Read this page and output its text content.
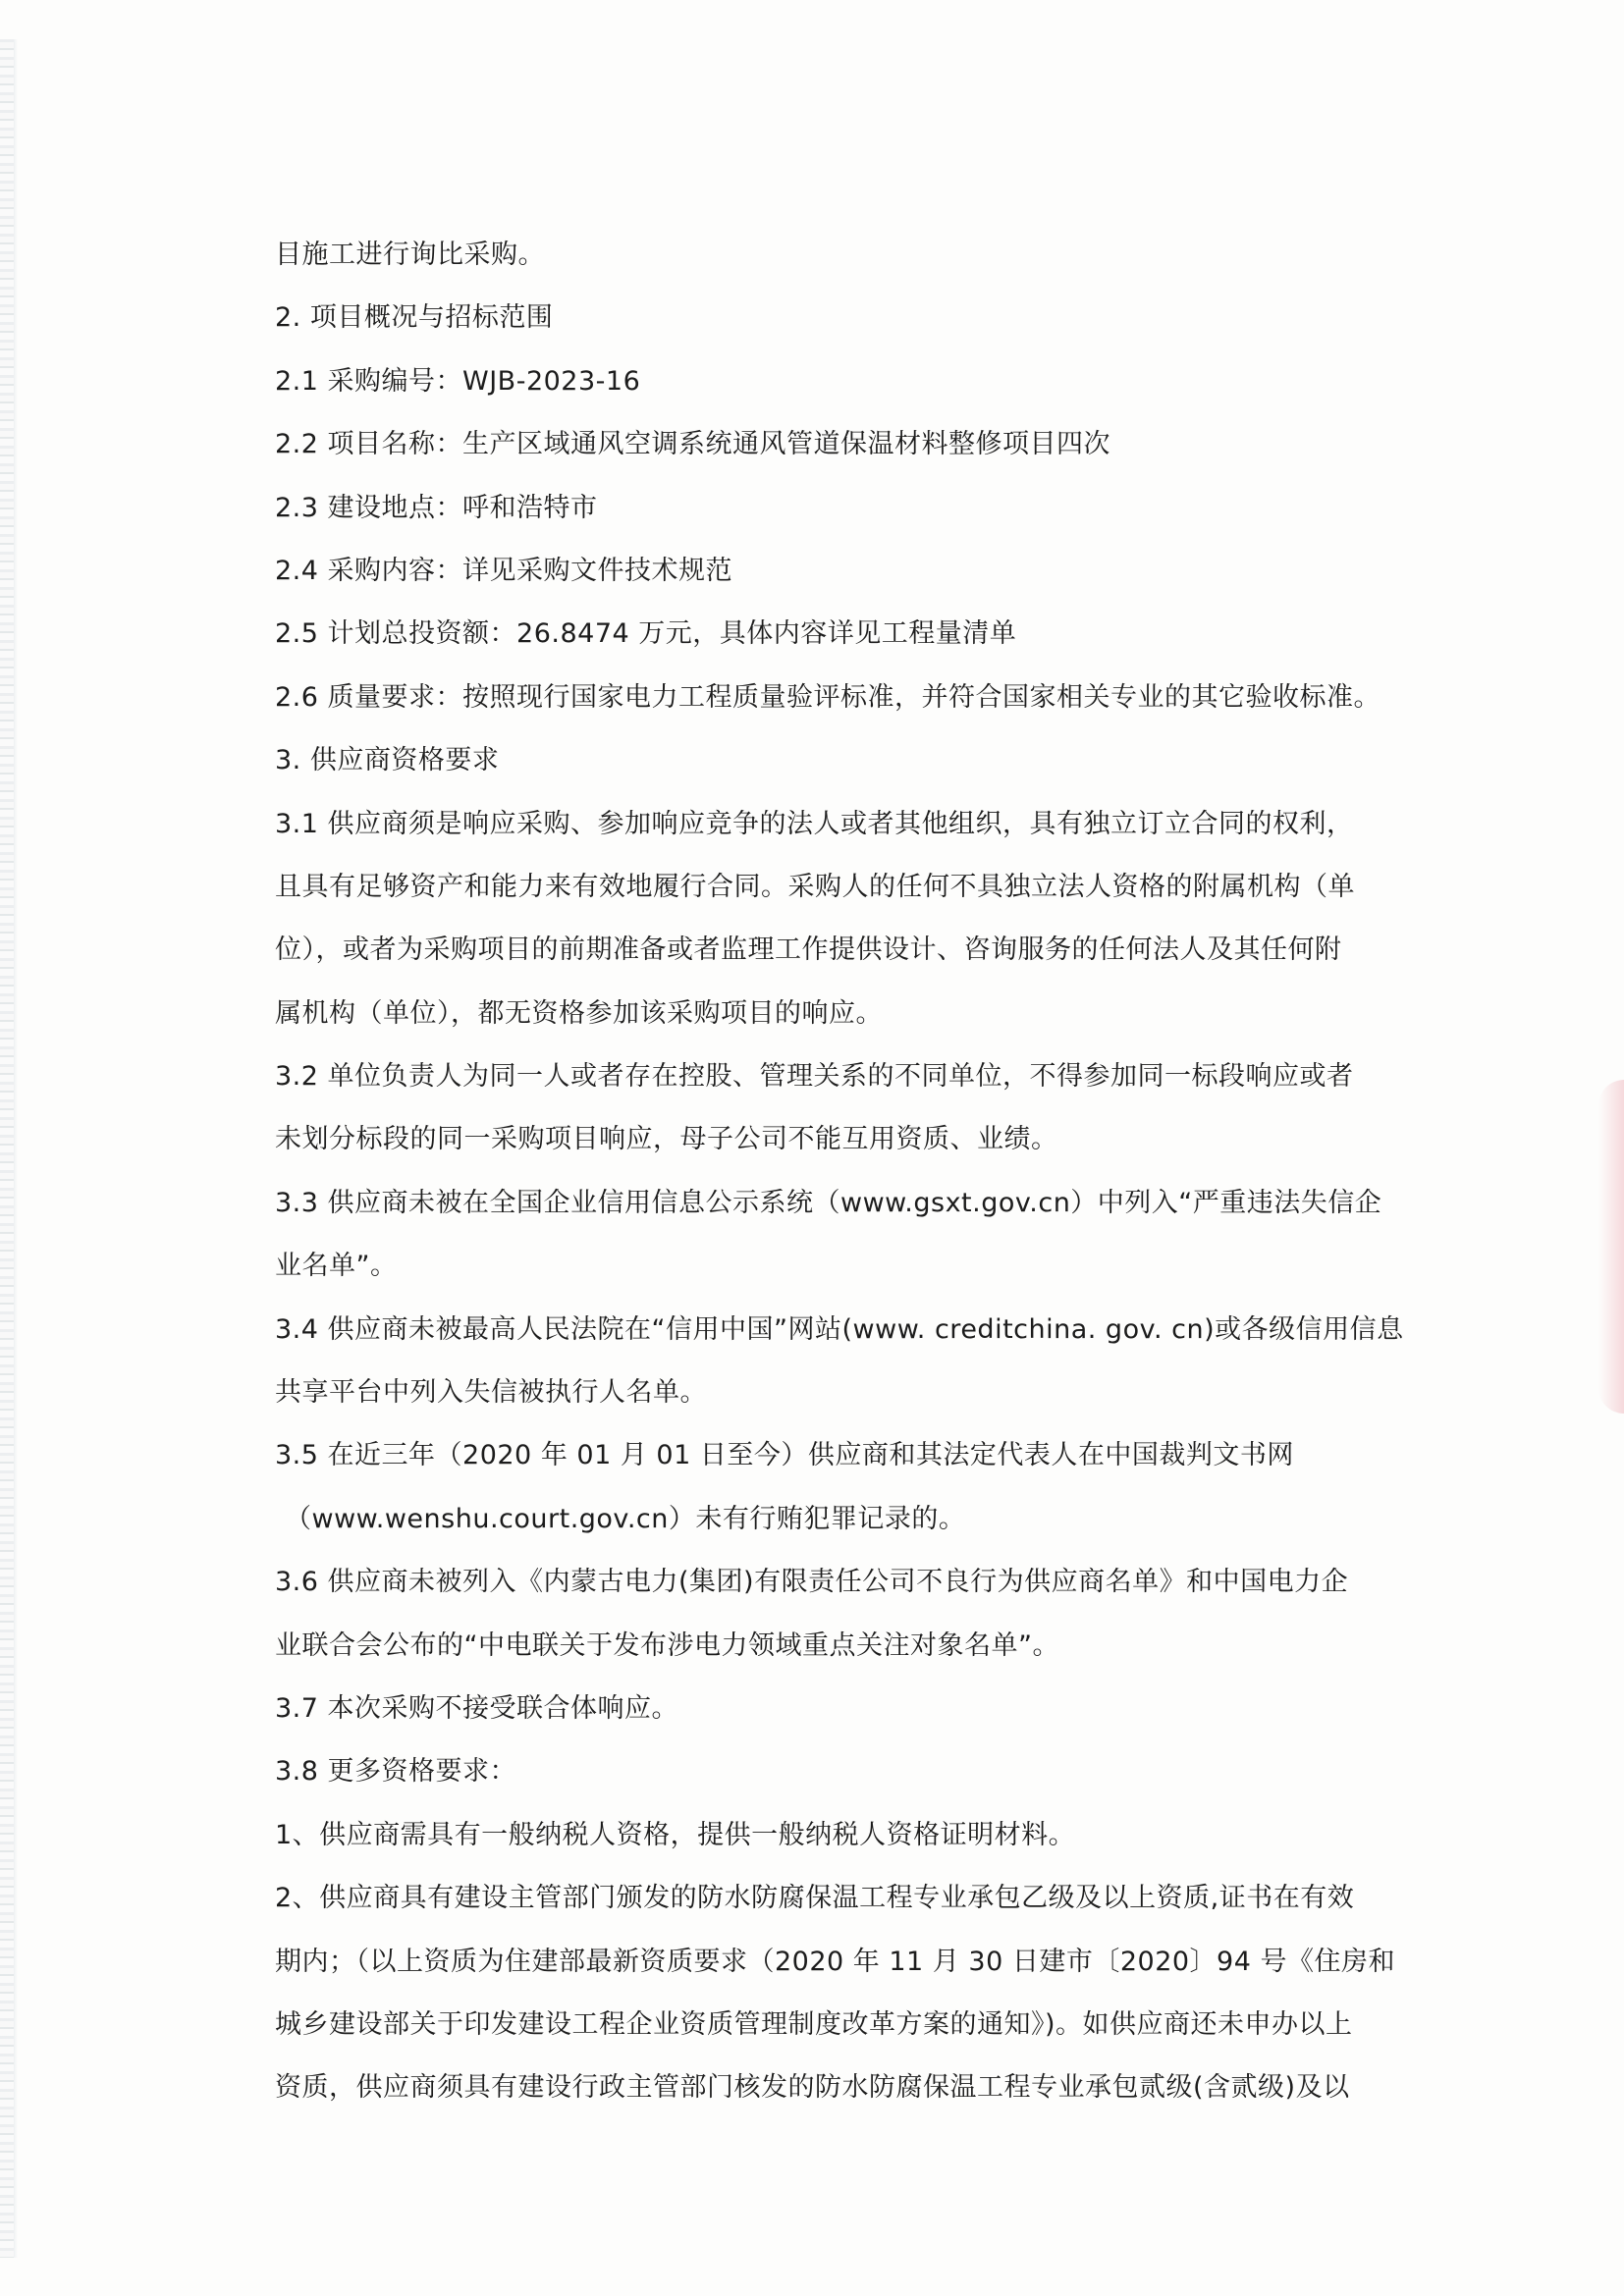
目施工进行询比采购。
2. 项目概况与招标范围
2.1 采购编号：WJB-2023-16
2.2 项目名称：生产区域通风空调系统通风管道保温材料整修项目四次
2.3 建设地点：呼和浩特市
2.4 采购内容：详见采购文件技术规范
2.5 计划总投资额：26.8474 万元，具体内容详见工程量清单
2.6 质量要求：按照现行国家电力工程质量验评标准，并符合国家相关专业的其它验收标准。
3. 供应商资格要求
3.1 供应商须是响应采购、参加响应竞争的法人或者其他组织，具有独立订立合同的权利，
且具有足够资产和能力来有效地履行合同。采购人的任何不具独立法人资格的附属机构（单
位），或者为采购项目的前期准备或者监理工作提供设计、咨询服务的任何法人及其任何附
属机构（单位），都无资格参加该采购项目的响应。
3.2 单位负责人为同一人或者存在控股、管理关系的不同单位，不得参加同一标段响应或者
未划分标段的同一采购项目响应，母子公司不能互用资质、业绩。
3.3 供应商未被在全国企业信用信息公示系统（www.gsxt.gov.cn）中列入“严重违法失信企
业名单”。
3.4 供应商未被最高人民法院在“信用中国”网站(www. creditchina. gov. cn)或各级信用信息
共享平台中列入失信被执行人名单。
3.5 在近三年（2020 年 01 月 01 日至今）供应商和其法定代表人在中国裁判文书网
（www.wenshu.court.gov.cn）未有行贿犯罪记录的。
3.6 供应商未被列入《内蒙古电力(集团)有限责任公司不良行为供应商名单》和中国电力企
业联合会公布的“中电联关于发布涉电力领域重点关注对象名单”。
3.7 本次采购不接受联合体响应。
3.8 更多资格要求：
1、供应商需具有一般纳税人资格，提供一般纳税人资格证明材料。
2、供应商具有建设主管部门颁发的防水防腐保温工程专业承包乙级及以上资质,证书在有效
期内；（以上资质为住建部最新资质要求（2020 年 11 月 30 日建市〔2020〕94 号《住房和
城乡建设部关于印发建设工程企业资质管理制度改革方案的通知》)。如供应商还未申办以上
资质，供应商须具有建设行政主管部门核发的防水防腐保温工程专业承包贰级(含贰级)及以
